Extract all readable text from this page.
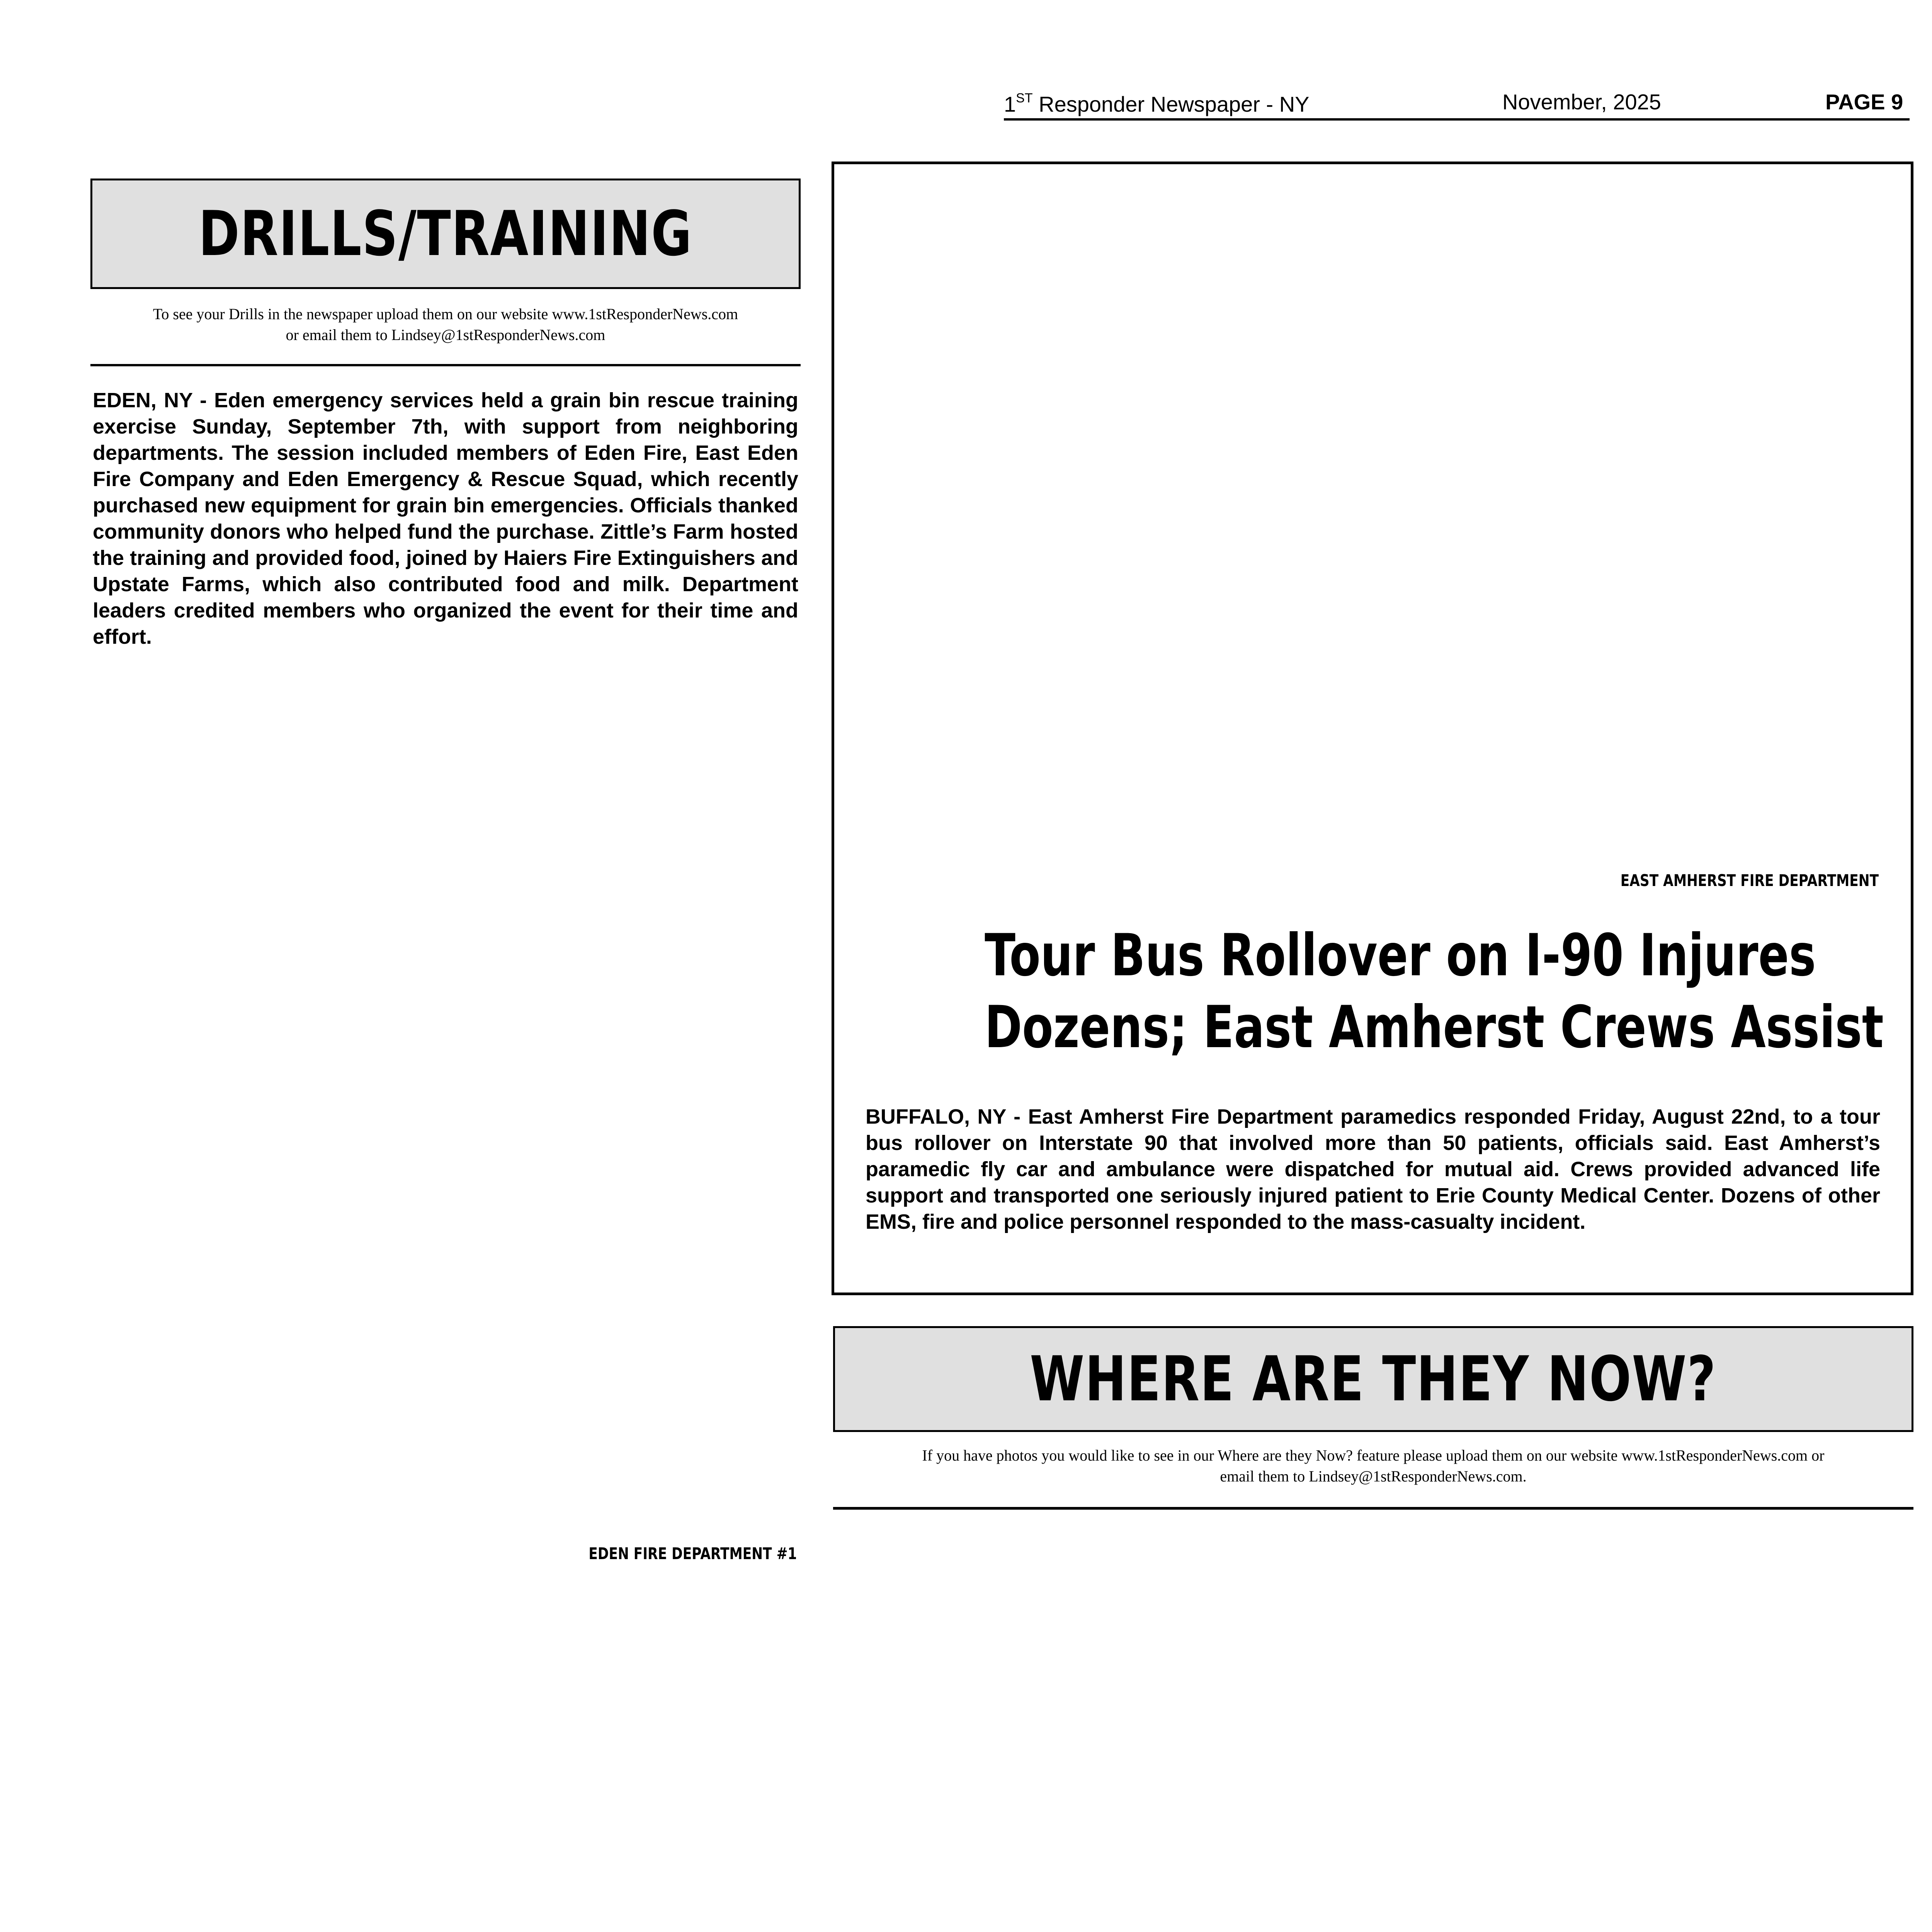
1ST Responder Newspaper - NY	November, 2025	PAGE 9
DRILLS/TRAINING
To see your Drills in the newspaper upload them on our website www.1stResponderNews.com
or email them to Lindsey@1stResponderNews.com
EDEN, NY - Eden emergency services held a grain bin rescue training exercise Sunday, September 7th, with support from neighboring departments. The session included members of Eden Fire, East Eden Fire Company and Eden Emergency & Rescue Squad, which recently purchased new equipment for grain bin emergencies. Officials thanked community donors who helped fund the purchase. Zittle’s Farm hosted the training and provided food, joined by Haiers Fire Extinguishers and Upstate Farms, which also contributed food and milk. Department leaders credited members who organized the event for their time and effort.
EDEN FIRE DEPARTMENT #1
EAST AMHERST FIRE DEPARTMENT
Tour Bus Rollover on I-90 Injures
Dozens; East Amherst Crews Assist
BUFFALO, NY - East Amherst Fire Department paramedics responded Friday, August 22nd, to a tour bus rollover on Interstate 90 that involved more than 50 patients, officials said. East Amherst’s paramedic fly car and ambulance were dispatched for mutual aid. Crews provided advanced life support and transported one seriously injured patient to Erie County Medical Center. Dozens of other EMS, fire and police personnel responded to the mass-casualty incident.
WHERE ARE THEY NOW?
If you have photos you would like to see in our Where are they Now? feature please upload them on our website www.1stResponderNews.com or
email them to Lindsey@1stResponderNews.com.
